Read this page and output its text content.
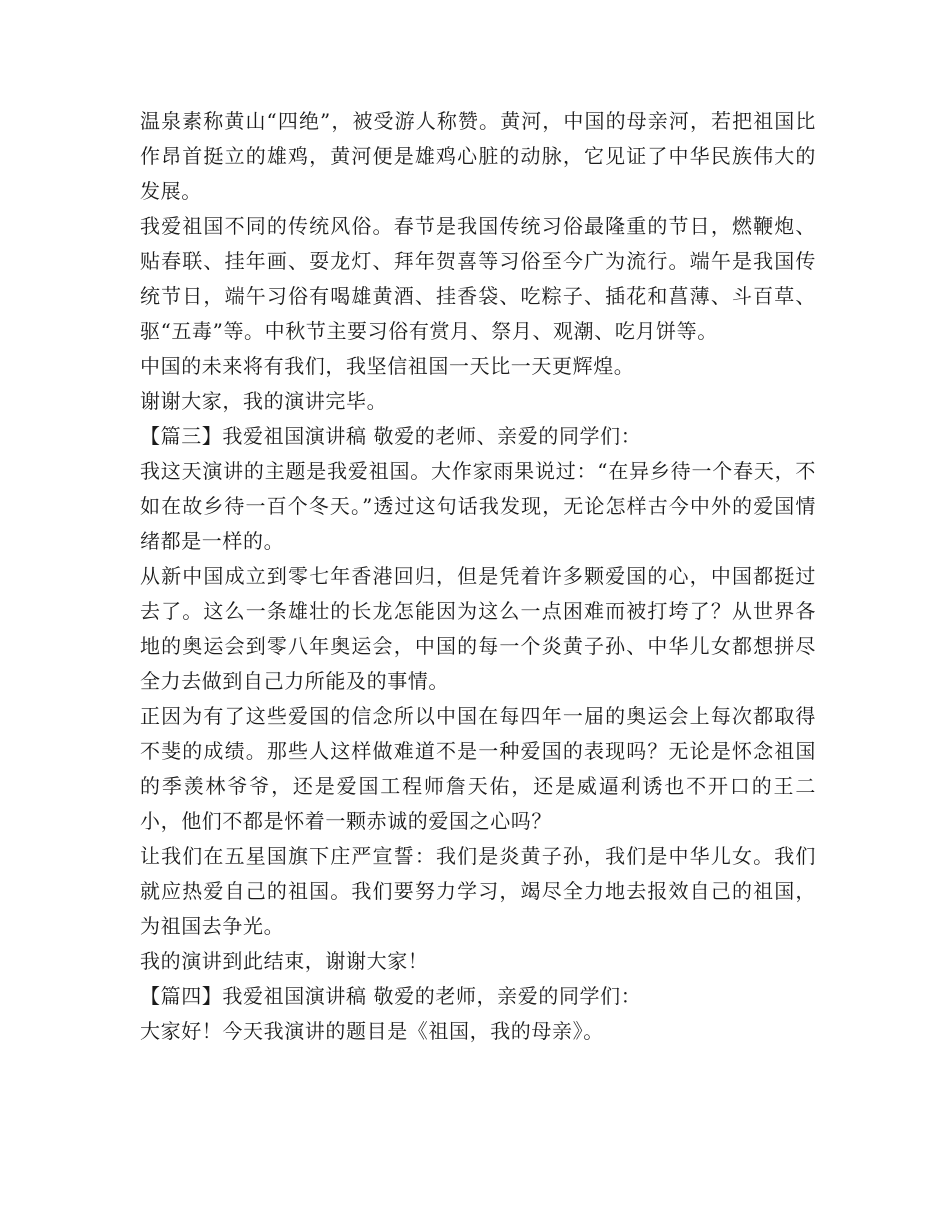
温泉素称黄山“四绝”，被受游人称赞。黄河，中国的母亲河，若把祖国比作昂首挺立的雄鸡，黄河便是雄鸡心脏的动脉，它见证了中华民族伟大的发展。

我爱祖国不同的传统风俗。春节是我国传统习俗最隆重的节日，燃鞭炮、贴春联、挂年画、耍龙灯、拜年贺喜等习俗至今广为流行。端午是我国传统节日，端午习俗有喝雄黄酒、挂香袋、吃粽子、插花和菖薄、斗百草、驱“五毒”等。中秋节主要习俗有赏月、祭月、观潮、吃月饼等。

中国的未来将有我们，我坚信祖国一天比一天更辉煌。

谢谢大家，我的演讲完毕。

【篇三】我爱祖国演讲稿 敬爱的老师、亲爱的同学们：

我这天演讲的主题是我爱祖国。大作家雨果说过：“在异乡待一个春天，不如在故乡待一百个冬天。”透过这句话我发现，无论怎样古今中外的爱国情绪都是一样的。

从新中国成立到零七年香港回归，但是凭着许多颗爱国的心，中国都挺过去了。这么一条雄壮的长龙怎能因为这么一点困难而被打垮了？从世界各地的奥运会到零八年奥运会，中国的每一个炎黄子孙、中华儿女都想拼尽全力去做到自己力所能及的事情。

正因为有了这些爱国的信念所以中国在每四年一届的奥运会上每次都取得不斐的成绩。那些人这样做难道不是一种爱国的表现吗？无论是怀念祖国的季羡林爷爷，还是爱国工程师詹天佑，还是威逼利诱也不开口的王二小，他们不都是怀着一颗赤诚的爱国之心吗？

让我们在五星国旗下庄严宣誓：我们是炎黄子孙，我们是中华儿女。我们就应热爱自己的祖国。我们要努力学习，竭尽全力地去报效自己的祖国，为祖国去争光。

我的演讲到此结束，谢谢大家！

【篇四】我爱祖国演讲稿 敬爱的老师，亲爱的同学们：

大家好！今天我演讲的题目是《祖国，我的母亲》。
